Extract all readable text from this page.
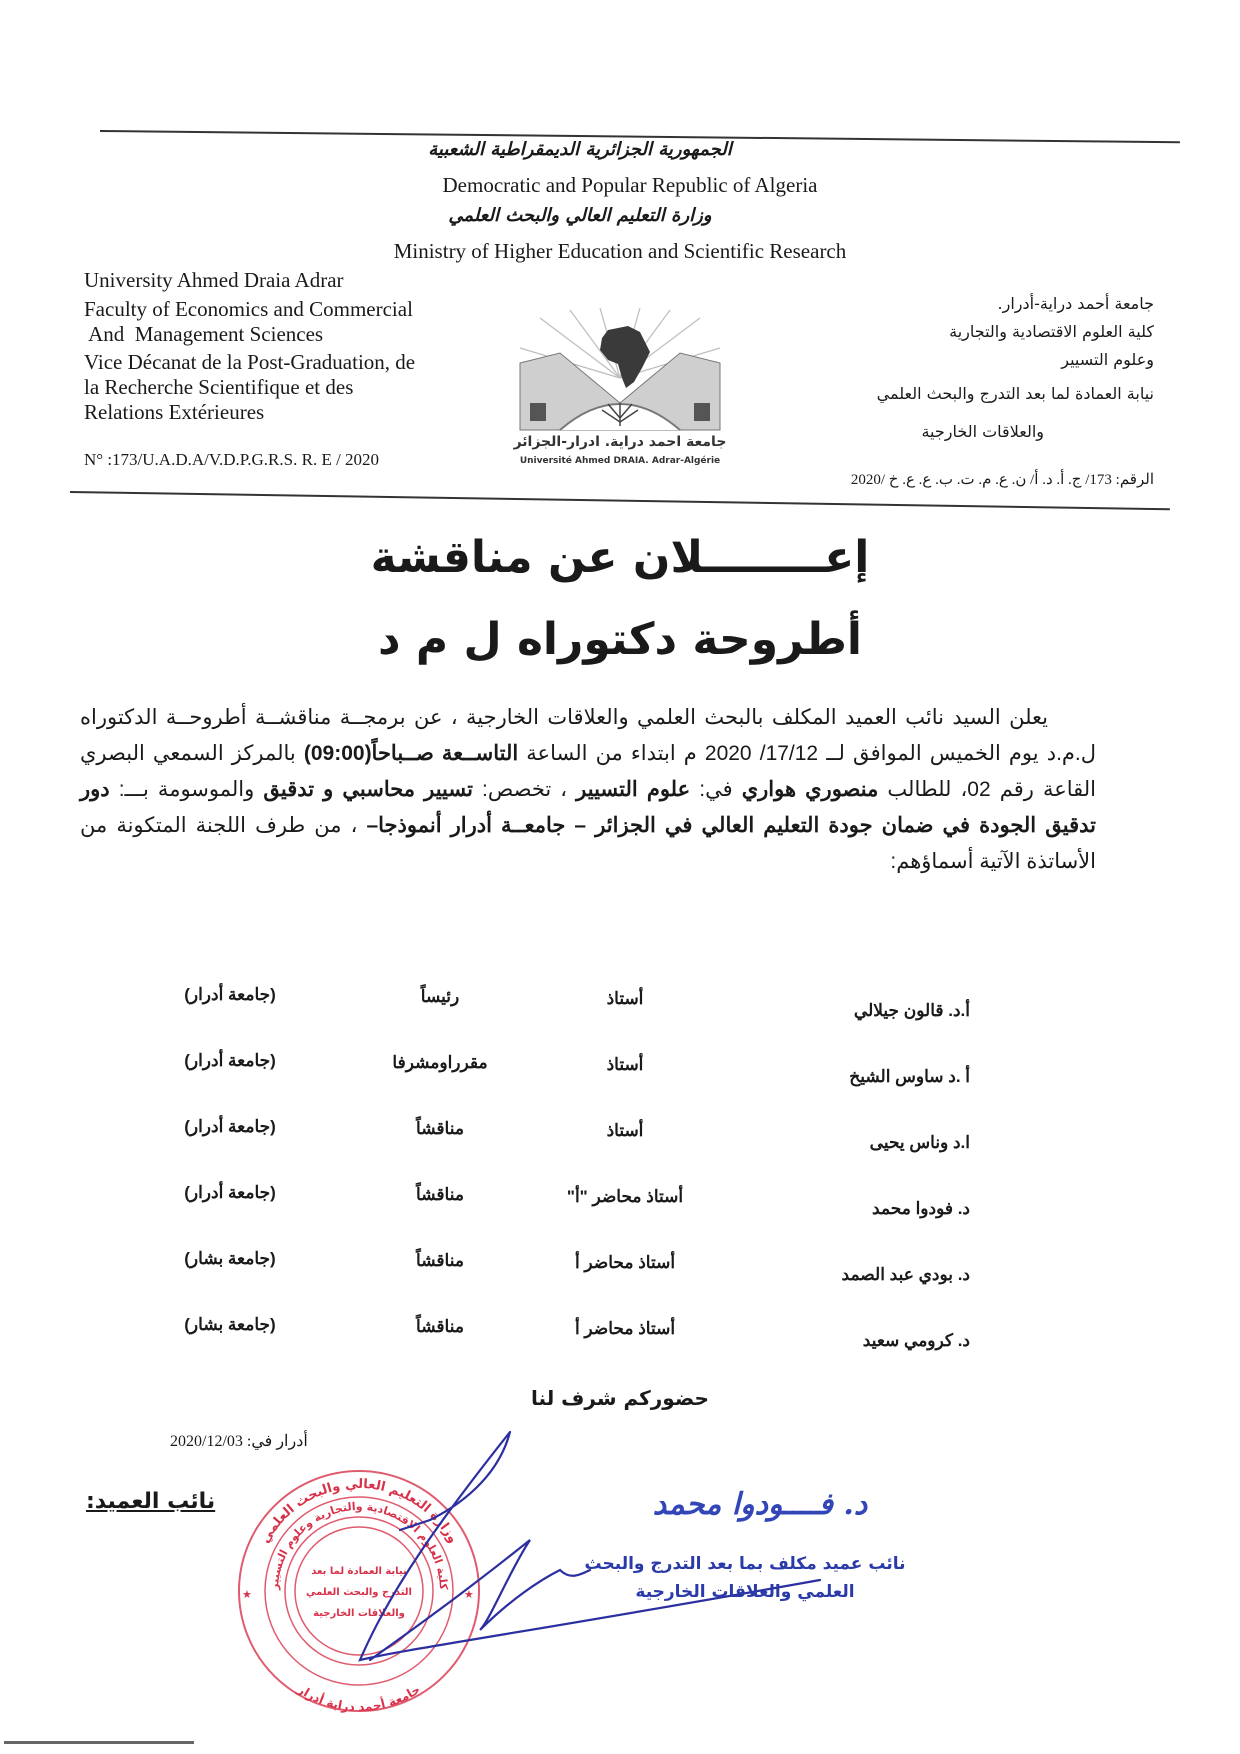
الجمهورية الجزائرية الديمقراطية الشعبية
Democratic and Popular Republic of Algeria
وزارة التعليم العالي والبحث العلمي
Ministry of Higher Education and Scientific Research
University Ahmed Draia Adrar
Faculty of Economics and Commercial
And  Management Sciences
Vice Décanat de la Post-Graduation, de
la Recherche Scientifique et des
Relations Extérieures
N° :173/U.A.D.A/V.D.P.G.R.S. R. E / 2020
جامعة احمد دراية. ادرار-الجزائر
Université Ahmed DRAIA. Adrar-Algérie
جامعة أحمد دراية-أدرار.
كلية العلوم الاقتصادية والتجارية
وعلوم التسيير
نيابة العمادة لما بعد التدرج والبحث العلمي
والعلاقات الخارجية
الرقم: 173/ ج. أ. د. أ/ ن. ع. م. ت. ب. ع. ع. خ /2020
إعــــــــلان عن مناقشة
أطروحة دكتوراه ل م د
يعلن السيد نائب العميد المكلف بالبحث العلمي والعلاقات الخارجية ، عن برمجــة مناقشــة أطروحــة الدكتوراه ل.م.د يوم الخميس الموافق لــ 17/12/ 2020 م ابتداء من الساعة التاســعة صــباحاً(09:00) بالمركز السمعي البصري القاعة رقم 02، للطالب منصوري هواري في: علوم التسيير ، تخصص: تسيير محاسبي و تدقيق والموسومة بـــ: دور تدقيق الجودة في ضمان جودة التعليم العالي في الجزائر – جامعــة أدرار أنموذجا– ، من طرف اللجنة المتكونة من الأساتذة الآتية أسماؤهم:
أ.د. قالون جيلالي
أستاذ
رئيساً
(جامعة أدرار)
أ .د ساوس الشيخ
أستاذ
مقرراومشرفا
(جامعة أدرار)
ا.د وناس يحيى
أستاذ
مناقشاً
(جامعة أدرار)
د. فودوا محمد
أستاذ محاضر "أ"
مناقشاً
(جامعة أدرار)
د. بودي عبد الصمد
أستاذ محاضر أ
مناقشاً
(جامعة بشار)
د. كرومي سعيد
أستاذ محاضر أ
مناقشاً
(جامعة بشار)
حضوركم شرف لنا
أدرار في: 2020/12/03
نائب العميد:
وزارة التعليم العالي والبحث العلمي
كلية العلوم الاقتصادية والتجارية وعلوم التسيير
جامعة أحمد دراية أدرار
نيابة العمادة لما بعد
التدرج والبحث العلمي
والعلاقات الخارجية
★	★
د. فــــودوا محمد
نائب عميد مكلف بما بعد التدرج والبحث
العلمي والعلاقات الخارجية
